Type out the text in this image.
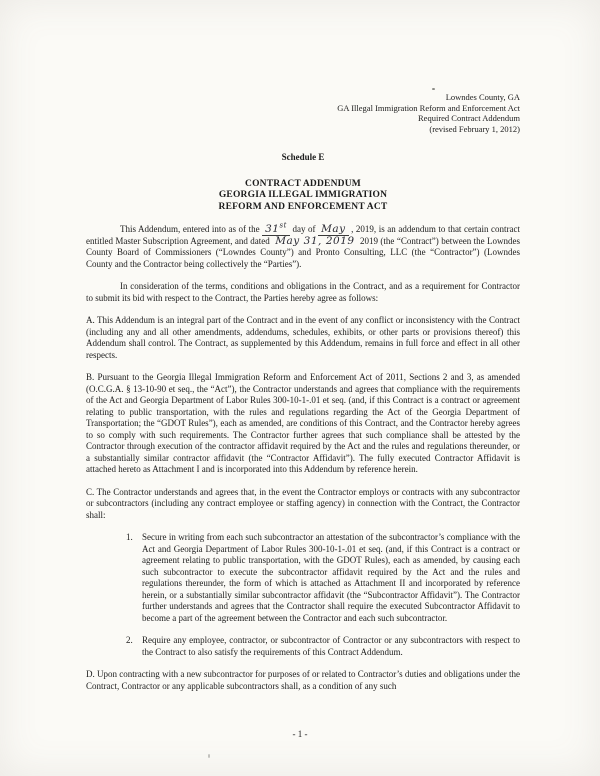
Lowndes County, GA
GA Illegal Immigration Reform and Enforcement Act
Required Contract Addendum
(revised February 1, 2012)
Schedule E
CONTRACT ADDENDUM
GEORGIA ILLEGAL IMMIGRATION
REFORM AND ENFORCEMENT ACT

This Addendum, entered into as of the 31st day of May , 2019, is an addendum to that certain contract entitled Master Subscription Agreement, and dated May 31, 2019 2019 (the “Contract”) between the Lowndes County Board of Commissioners (“Lowndes County”) and Pronto Consulting, LLC (the “Contractor”) (Lowndes County and the Contractor being collectively the “Parties”).

In consideration of the terms, conditions and obligations in the Contract, and as a requirement for Contractor to submit its bid with respect to the Contract, the Parties hereby agree as follows:

A. This Addendum is an integral part of the Contract and in the event of any conflict or inconsistency with the Contract (including any and all other amendments, addendums, schedules, exhibits, or other parts or provisions thereof) this Addendum shall control. The Contract, as supplemented by this Addendum, remains in full force and effect in all other respects.

B. Pursuant to the Georgia Illegal Immigration Reform and Enforcement Act of 2011, Sections 2 and 3, as amended (O.C.G.A. § 13-10-90 et seq., the “Act”), the Contractor understands and agrees that compliance with the requirements of the Act and Georgia Department of Labor Rules 300-10-1-.01 et seq. (and, if this Contract is a contract or agreement relating to public transportation, with the rules and regulations regarding the Act of the Georgia Department of Transportation; the “GDOT Rules”), each as amended, are conditions of this Contract, and the Contractor hereby agrees to so comply with such requirements. The Contractor further agrees that such compliance shall be attested by the Contractor through execution of the contractor affidavit required by the Act and the rules and regulations thereunder, or a substantially similar contractor affidavit (the “Contractor Affidavit”). The fully executed Contractor Affidavit is attached hereto as Attachment I and is incorporated into this Addendum by reference herein.

C. The Contractor understands and agrees that, in the event the Contractor employs or contracts with any subcontractor or subcontractors (including any contract employee or staffing agency) in connection with the Contract, the Contractor shall:

1.	Secure in writing from each such subcontractor an attestation of the subcontractor’s compliance with the Act and Georgia Department of Labor Rules 300-10-1-.01 et seq. (and, if this Contract is a contract or agreement relating to public transportation, with the GDOT Rules), each as amended, by causing each such subcontractor to execute the subcontractor affidavit required by the Act and the rules and regulations thereunder, the form of which is attached as Attachment II and incorporated by reference herein, or a substantially similar subcontractor affidavit (the “Subcontractor Affidavit”). The Contractor further understands and agrees that the Contractor shall require the executed Subcontractor Affidavit to become a part of the agreement between the Contractor and each such subcontractor.
2.	Require any employee, contractor, or subcontractor of Contractor or any subcontractors with respect to the Contract to also satisfy the requirements of this Contract Addendum.

D. Upon contracting with a new subcontractor for purposes of or related to Contractor’s duties and obligations under the Contract, Contractor or any applicable subcontractors shall, as a condition of any such

- 1 -
